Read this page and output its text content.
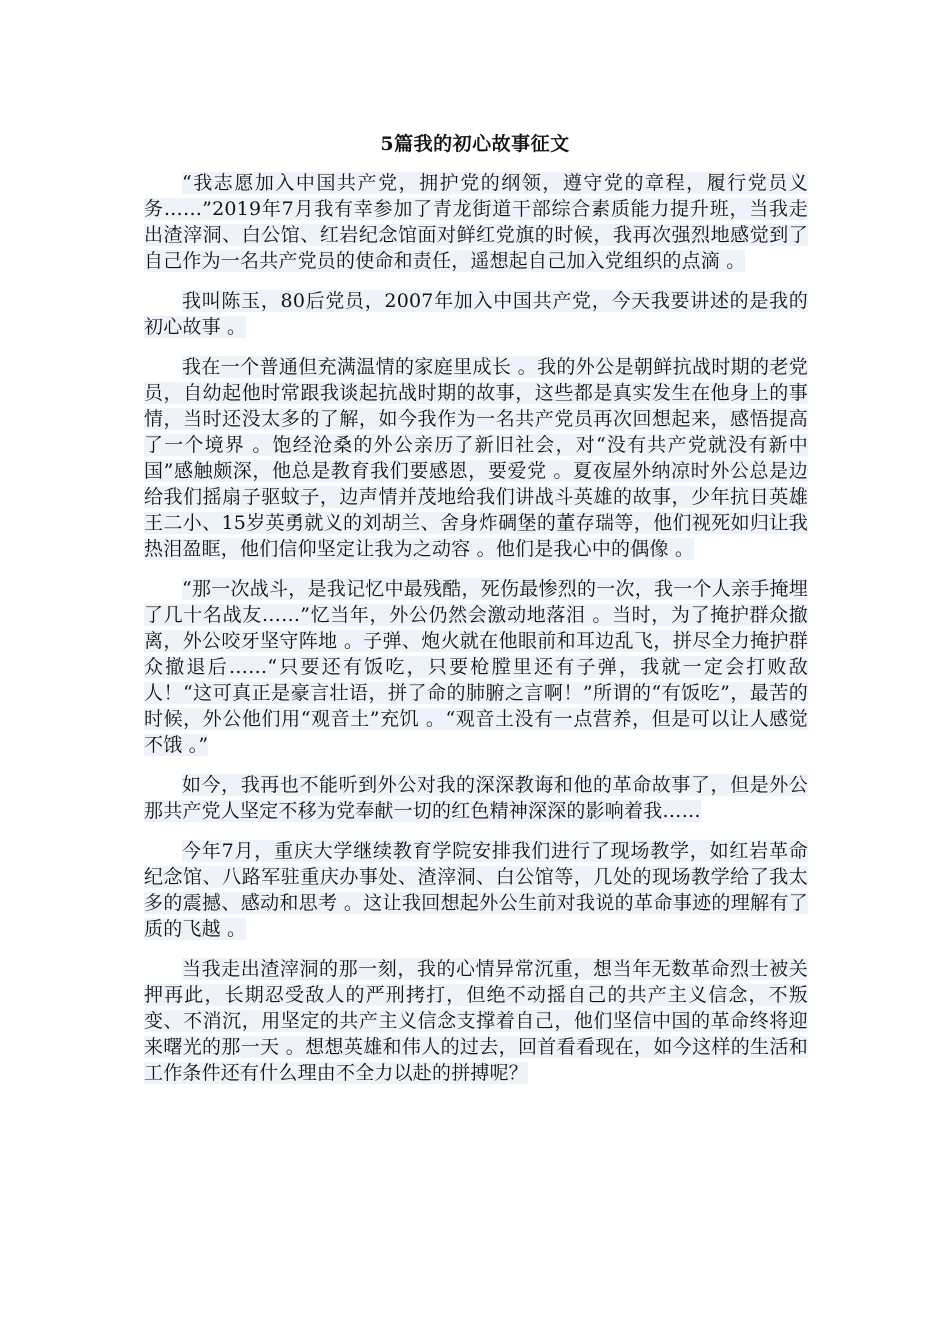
5篇我的初心故事征文

“我志愿加入中国共产党，拥护党的纲领，遵守党的章程，履行党员义务……”2019年7月我有幸参加了青龙街道干部综合素质能力提升班，当我走出渣滓洞、白公馆、红岩纪念馆面对鲜红党旗的时候，我再次强烈地感觉到了自己作为一名共产党员的使命和责任，遥想起自己加入党组织的点滴 。

我叫陈玉，80后党员，2007年加入中国共产党，今天我要讲述的是我的初心故事 。

我在一个普通但充满温情的家庭里成长 。我的外公是朝鲜抗战时期的老党员，自幼起他时常跟我谈起抗战时期的故事，这些都是真实发生在他身上的事情，当时还没太多的了解，如今我作为一名共产党员再次回想起来，感悟提高了一个境界 。饱经沧桑的外公亲历了新旧社会，对“没有共产党就没有新中国”感触颇深，他总是教育我们要感恩，要爱党 。夏夜屋外纳凉时外公总是边给我们摇扇子驱蚊子，边声情并茂地给我们讲战斗英雄的故事，少年抗日英雄王二小、15岁英勇就义的刘胡兰、舍身炸碉堡的董存瑞等，他们视死如归让我热泪盈眶，他们信仰坚定让我为之动容 。他们是我心中的偶像 。

“那一次战斗，是我记忆中最残酷，死伤最惨烈的一次，我一个人亲手掩埋了几十名战友……”忆当年，外公仍然会激动地落泪 。当时，为了掩护群众撤离，外公咬牙坚守阵地 。子弹、炮火就在他眼前和耳边乱飞，拼尽全力掩护群众撤退后……“只要还有饭吃，只要枪膛里还有子弹，我就一定会打败敌人！“这可真正是豪言壮语，拼了命的肺腑之言啊！”所谓的“有饭吃”，最苦的时候，外公他们用“观音土”充饥 。“观音土没有一点营养，但是可以让人感觉不饿 。”

如今，我再也不能听到外公对我的深深教诲和他的革命故事了，但是外公那共产党人坚定不移为党奉献一切的红色精神深深的影响着我……

今年7月，重庆大学继续教育学院安排我们进行了现场教学，如红岩革命纪念馆、八路军驻重庆办事处、渣滓洞、白公馆等，几处的现场教学给了我太多的震撼、感动和思考 。这让我回想起外公生前对我说的革命事迹的理解有了质的飞越 。

当我走出渣滓洞的那一刻，我的心情异常沉重，想当年无数革命烈士被关押再此，长期忍受敌人的严刑拷打，但绝不动摇自己的共产主义信念，不叛变、不消沉，用坚定的共产主义信念支撑着自己，他们坚信中国的革命终将迎来曙光的那一天 。想想英雄和伟人的过去，回首看看现在，如今这样的生活和工作条件还有什么理由不全力以赴的拼搏呢？
